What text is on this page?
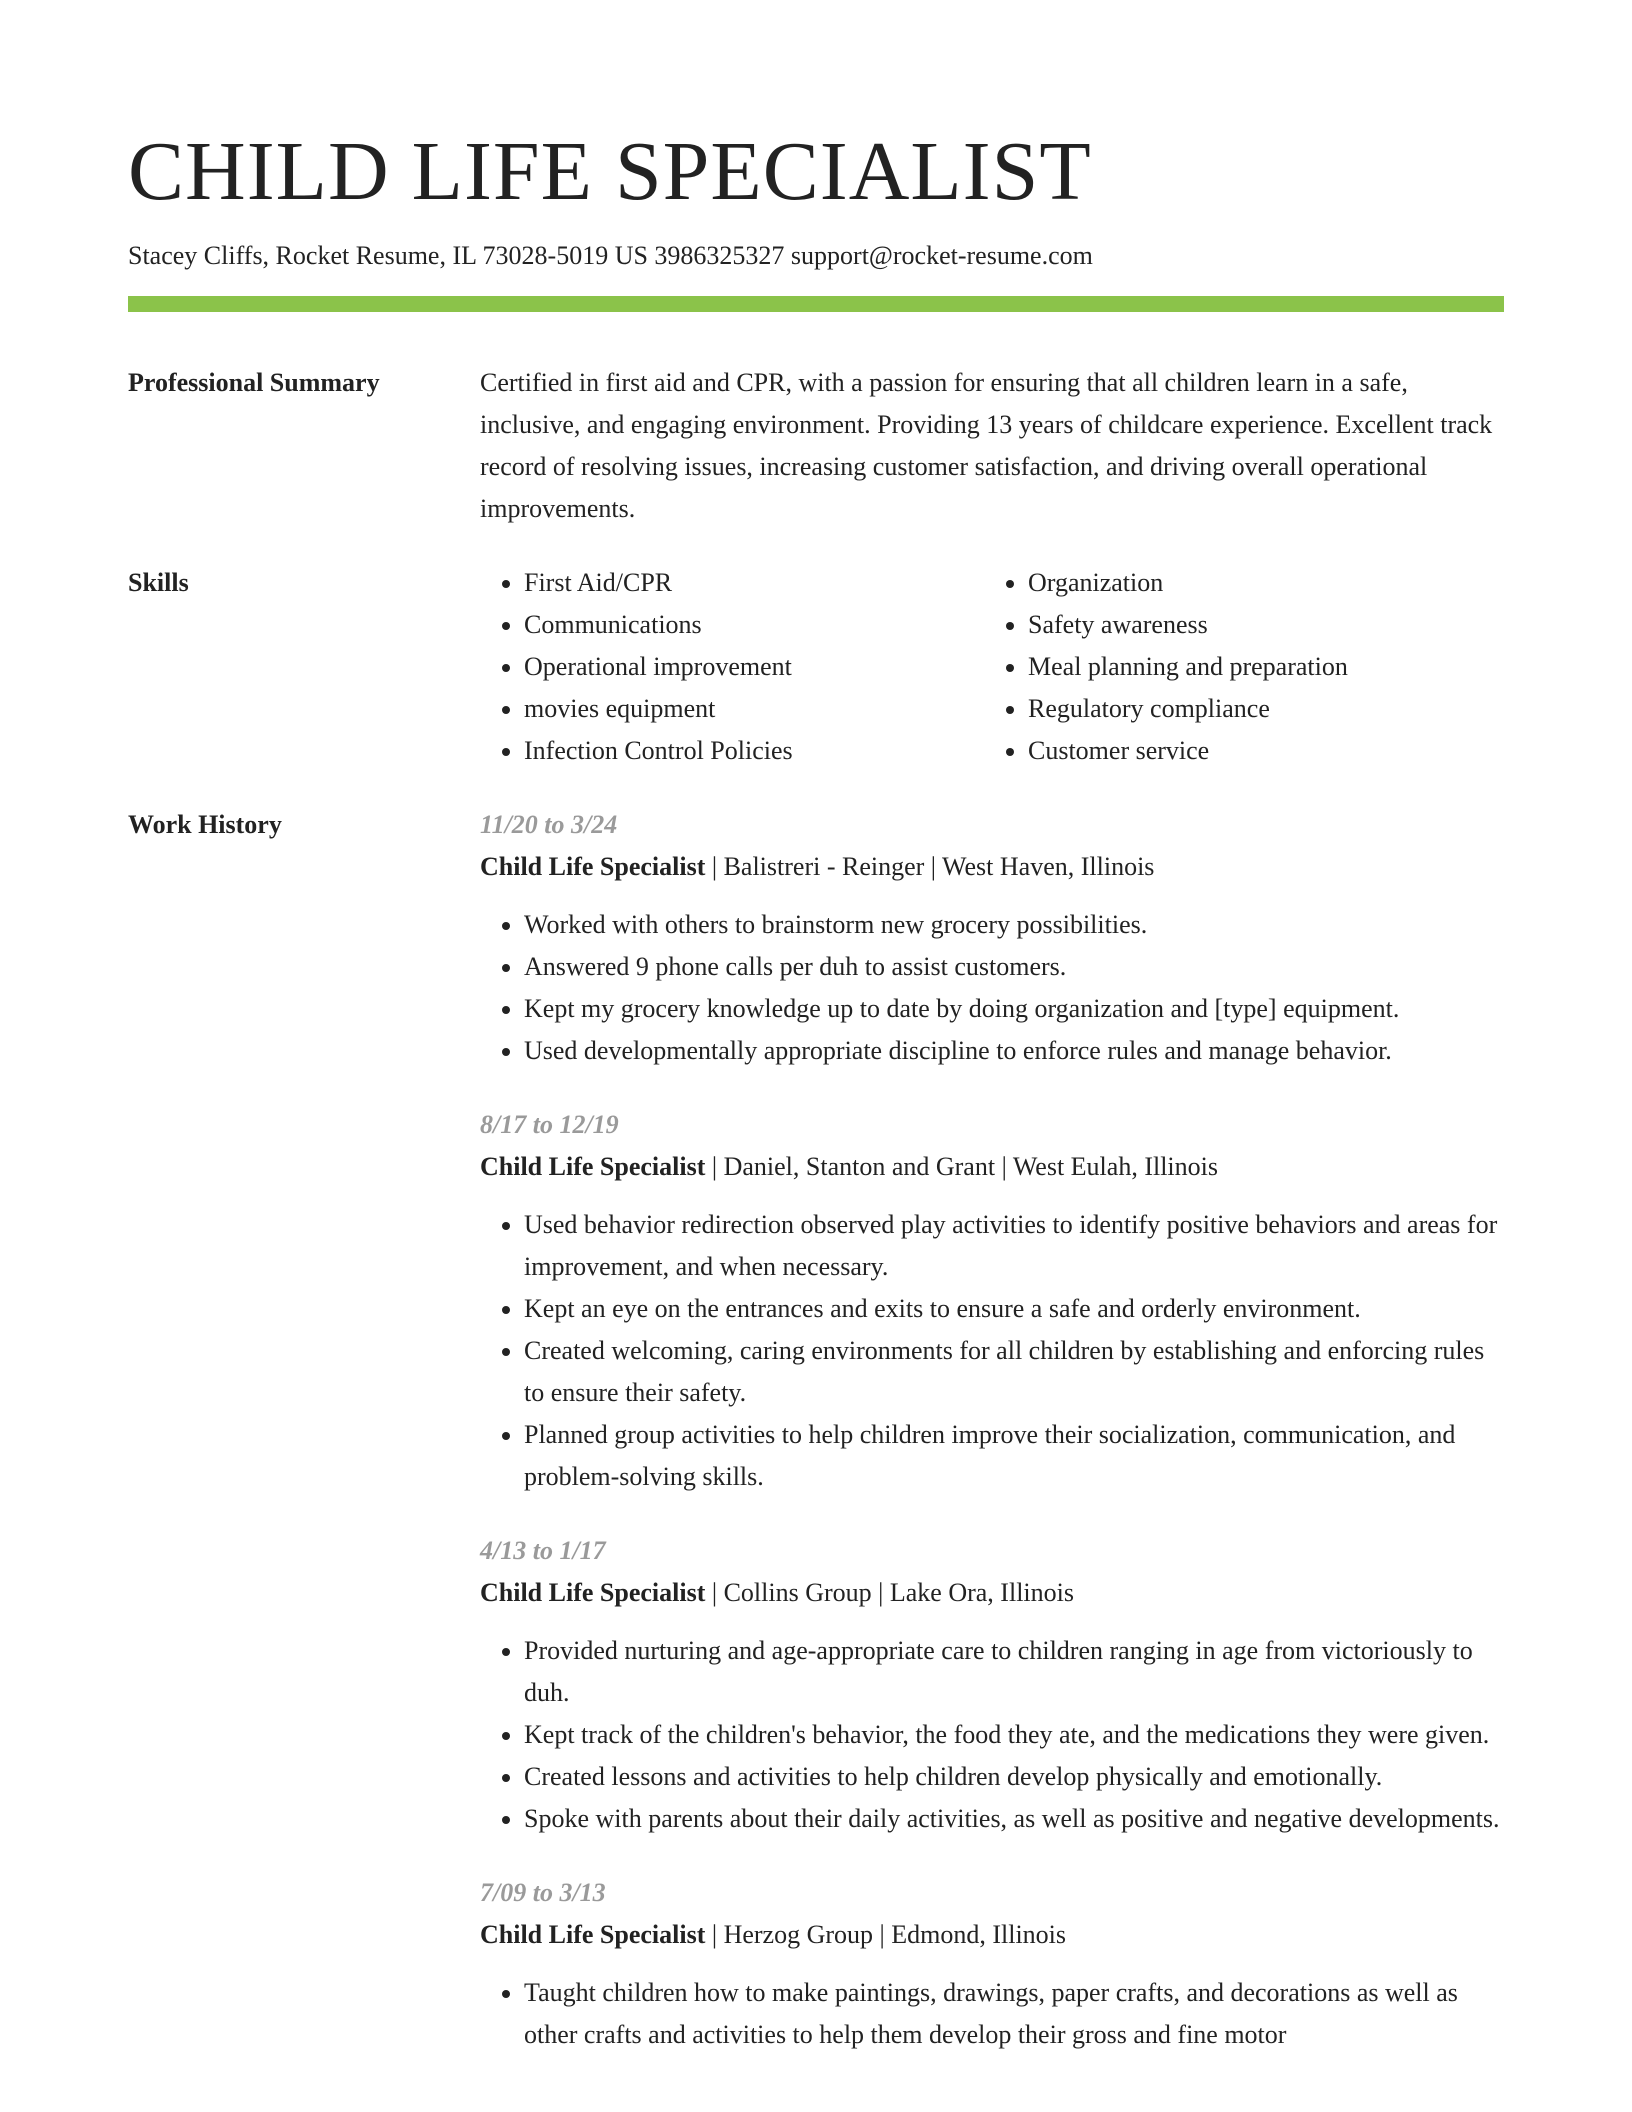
CHILD LIFE SPECIALIST
Stacey Cliffs, Rocket Resume, IL 73028-5019 US 3986325327 support@rocket-resume.com
Professional Summary	Certified in first aid and CPR, with a passion for ensuring that all children learn in a safe, inclusive, and engaging environment. Providing 13 years of childcare experience. Excellent track record of resolving issues, increasing customer satisfaction, and driving overall operational improvements.
Skills
•	First Aid/CPR
• Communications
• Operational improvement
• movies equipment
• Infection Control Policies
• Organization
• Safety awareness
• Meal planning and preparation
• Regulatory compliance
• Customer service
Work History	11/20 to 3/24
Child Life Specialist | Balistreri - Reinger | West Haven, Illinois
• Worked with others to brainstorm new grocery possibilities.
• Answered 9 phone calls per duh to assist customers.
• Kept my grocery knowledge up to date by doing organization and [type] equipment.
• Used developmentally appropriate discipline to enforce rules and manage behavior.
8/17 to 12/19
Child Life Specialist | Daniel, Stanton and Grant | West Eulah, Illinois
• Used behavior redirection observed play activities to identify positive behaviors and areas for improvement, and when necessary.
• Kept an eye on the entrances and exits to ensure a safe and orderly environment.
• Created welcoming, caring environments for all children by establishing and enforcing rules to ensure their safety.
• Planned group activities to help children improve their socialization, communication, and problem-solving skills.
4/13 to 1/17
Child Life Specialist | Collins Group | Lake Ora, Illinois
• Provided nurturing and age-appropriate care to children ranging in age from victoriously to duh.
• Kept track of the children's behavior, the food they ate, and the medications they were given.
• Created lessons and activities to help children develop physically and emotionally.
• Spoke with parents about their daily activities, as well as positive and negative developments.
7/09 to 3/13
Child Life Specialist | Herzog Group | Edmond, Illinois
• Taught children how to make paintings, drawings, paper crafts, and decorations as well as other crafts and activities to help them develop their gross and fine motor
